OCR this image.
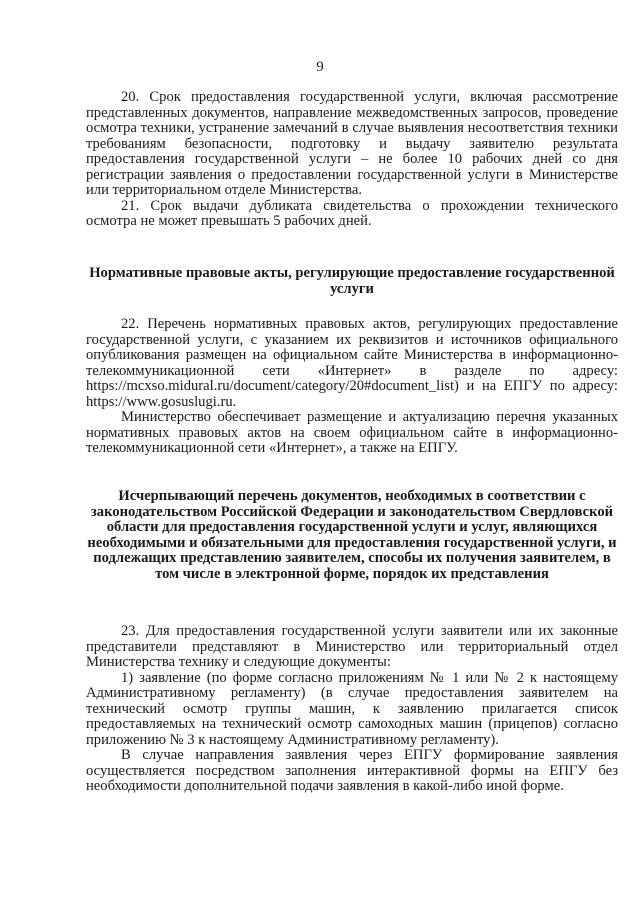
9

20. Срок предоставления государственной услуги, включая рассмотрение представленных документов, направление межведомственных запросов, проведение осмотра техники, устранение замечаний в случае выявления несоответствия техники требованиям безопасности, подготовку и выдачу заявителю результата предоставления государственной услуги – не более 10 рабочих дней со дня регистрации заявления о предоставлении государственной услуги в Министерстве или территориальном отделе Министерства.

21. Срок выдачи дубликата свидетельства о прохождении технического осмотра не может превышать 5 рабочих дней.

Нормативные правовые акты, регулирующие предоставление государственной услуги

22. Перечень нормативных правовых актов, регулирующих предоставление государственной услуги, с указанием их реквизитов и источников официального опубликования размещен на официальном сайте Министерства в информационно-телекоммуникационной сети «Интернет» в разделе по адресу: https://mcxso.midural.ru/document/category/20#document_list) и на ЕПГУ по адресу: https://www.gosuslugi.ru.

Министерство обеспечивает размещение и актуализацию перечня указанных нормативных правовых актов на своем официальном сайте в информационно-телекоммуникационной сети «Интернет», а также на ЕПГУ.

Исчерпывающий перечень документов, необходимых в соответствии с законодательством Российской Федерации и законодательством Свердловской области для предоставления государственной услуги и услуг, являющихся необходимыми и обязательными для предоставления государственной услуги, и подлежащих представлению заявителем, способы их получения заявителем, в том числе в электронной форме, порядок их представления

23. Для предоставления государственной услуги заявители или их законные представители представляют в Министерство или территориальный отдел Министерства технику и следующие документы:

1) заявление (по форме согласно приложениям № 1 или № 2 к настоящему Административному регламенту) (в случае предоставления заявителем на технический осмотр группы машин, к заявлению прилагается список предоставляемых на технический осмотр самоходных машин (прицепов) согласно приложению № 3 к настоящему Административному регламенту).

В случае направления заявления через ЕПГУ формирование заявления осуществляется посредством заполнения интерактивной формы на ЕПГУ без необходимости дополнительной подачи заявления в какой-либо иной форме.
